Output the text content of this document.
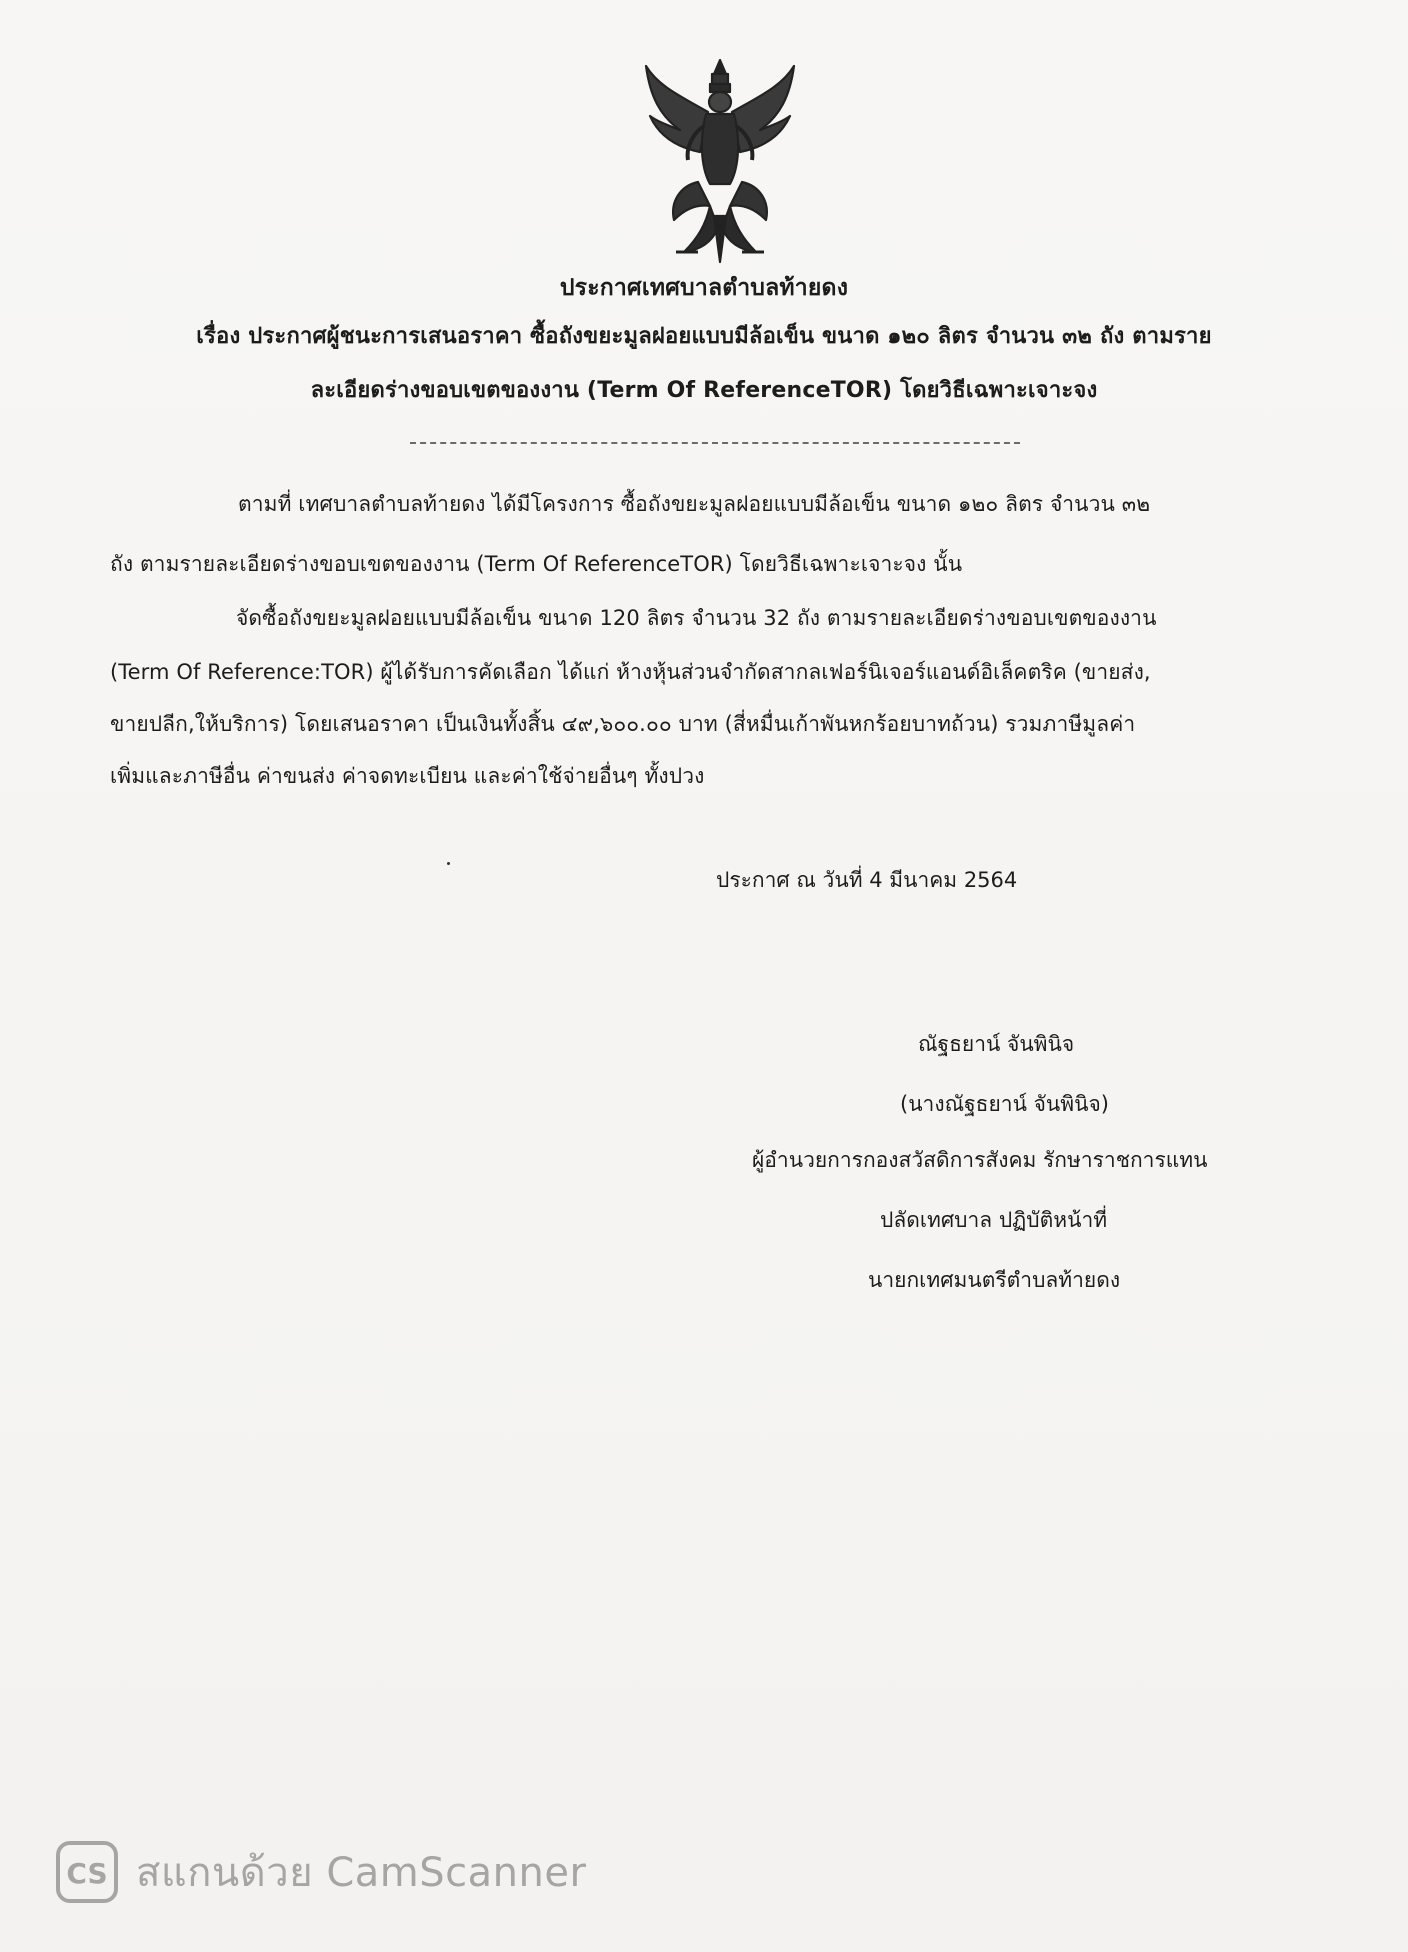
ประกาศเทศบาลตำบลท้ายดง
เรื่อง ประกาศผู้ชนะการเสนอราคา ซื้อถังขยะมูลฝอยแบบมีล้อเข็น ขนาด ๑๒๐ ลิตร จำนวน ๓๒ ถัง ตามราย
ละเอียดร่างขอบเขตของงาน (Term Of ReferenceTOR) โดยวิธีเฉพาะเจาะจง
ตามที่ เทศบาลตำบลท้ายดง ได้มีโครงการ ซื้อถังขยะมูลฝอยแบบมีล้อเข็น ขนาด ๑๒๐ ลิตร จำนวน ๓๒
ถัง ตามรายละเอียดร่างขอบเขตของงาน (Term Of ReferenceTOR) โดยวิธีเฉพาะเจาะจง นั้น
จัดซื้อถังขยะมูลฝอยแบบมีล้อเข็น ขนาด 120 ลิตร จำนวน 32 ถัง ตามรายละเอียดร่างขอบเขตของงาน
(Term Of Reference:TOR) ผู้ได้รับการคัดเลือก ได้แก่ ห้างหุ้นส่วนจำกัดสากลเฟอร์นิเจอร์แอนด์อิเล็คตริค (ขายส่ง,
ขายปลีก,ให้บริการ) โดยเสนอราคา เป็นเงินทั้งสิ้น ๔๙,๖๐๐.๐๐ บาท (สี่หมื่นเก้าพันหกร้อยบาทถ้วน) รวมภาษีมูลค่า
เพิ่มและภาษีอื่น ค่าขนส่ง ค่าจดทะเบียน และค่าใช้จ่ายอื่นๆ ทั้งปวง
ประกาศ ณ วันที่ 4 มีนาคม 2564
ณัฐธยาน์ จันพินิจ
(นางณัฐธยาน์ จันพินิจ)
ผู้อำนวยการกองสวัสดิการสังคม รักษาราชการแทน
ปลัดเทศบาล ปฏิบัติหน้าที่
นายกเทศมนตรีตำบลท้ายดง
CS สแกนด้วย CamScanner
